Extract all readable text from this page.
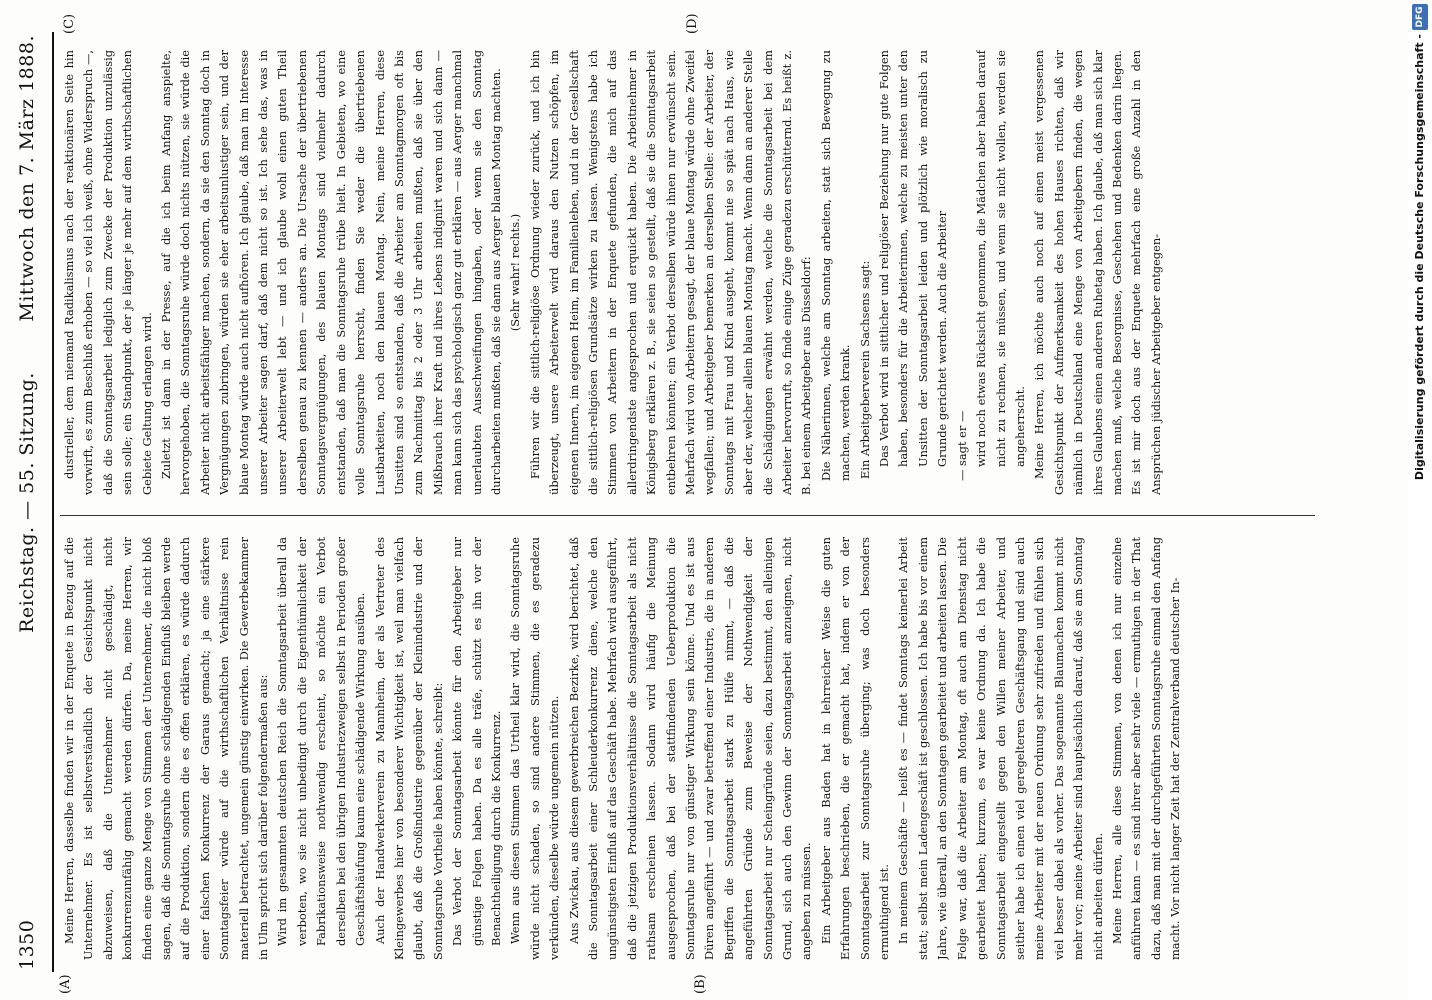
1350
Reichstag. — 55. Sitzung.
Mittwoch den 7. März 1888.
(A)	(B)
(C)	(D)

Meine Herren, dasselbe finden wir in der Enquete in Bezug auf die Unternehmer. Es ist selbstverständlich der Gesichtspunkt nicht abzuweisen, daß die Unternehmer nicht geschädigt, nicht konkurrenzunfähig gemacht werden dürfen. Da, meine Herren, wir finden eine ganze Menge von Stimmen der Unternehmer, die nicht bloß sagen, daß die Sonntagsruhe ohne schädigenden Einfluß bleiben werde auf die Produktion, sondern die es offen erklären, es würde dadurch einer falschen Konkurrenz der Garaus gemacht; ja eine stärkere Sonntagsfeier würde auf die wirthschaftlichen Verhältnisse rein materiell betrachtet, ungemein günstig einwirken. Die Gewerbekammer in Ulm spricht sich darüber folgendermaßen aus: Wird im gesammten deutschen Reich die Sonntagsarbeit überall da verboten, wo sie nicht unbedingt durch die Eigenthümlichkeit der Fabrikationsweise nothwendig erscheint, so möchte ein Verbot derselben bei den übrigen Industriezweigen selbst in Perioden großer Geschäftshäufung kaum eine schädigende Wirkung ausüben. Auch der Handwerkerverein zu Mannheim, der als Vertreter des Kleingewerbes hier von besonderer Wichtigkeit ist, weil man vielfach glaubt, daß die Großindustrie gegenüber der Kleinindustrie und der Sonntagsruhe Vortheile haben könnte, schreibt: Das Verbot der Sonntagsarbeit könnte für den Arbeitgeber nur günstige Folgen haben. Da es alle träfe, schützt es ihn vor der Benachtheiligung durch die Konkurrenz. Wenn aus diesen Stimmen das Urtheil klar wird, die Sonntagsruhe würde nicht schaden, so sind andere Stimmen, die es geradezu verkünden, dieselbe würde ungemein nützen. Aus Zwickau, aus diesem gewerbreichen Bezirke, wird berichtet, daß die Sonntagsarbeit einer Schleuderkonkurrenz diene, welche den ungünstigsten Einfluß auf das Geschäft habe. Mehrfach wird ausgeführt, daß die jetzigen Produktionsverhältnisse die Sonntagsarbeit als nicht rathsam erscheinen lassen. Sodann wird häufig die Meinung ausgesprochen, daß bei der stattfindenden Ueberproduktion die Sonntagsruhe nur von günstiger Wirkung sein könne. Und es ist aus Düren angeführt — und zwar betreffend einer Industrie, die in anderen Begriffen die Sonntagsarbeit stark zu Hülfe nimmt, — daß die angeführten Gründe zum Beweise der Nothwendigkeit der Sonntagsarbeit nur Scheingründe seien, dazu bestimmt, den alleinigen Grund, sich auch den Gewinn der Sonntagsarbeit anzueignen, nicht angeben zu müssen. Ein Arbeitgeber aus Baden hat in lehrreicher Weise die guten Erfahrungen beschrieben, die er gemacht hat, indem er von der Sonntagsarbeit zur Sonntagsruhe überging; was doch besonders ermuthigend ist. In meinem Geschäfte — heißt es — findet Sonntags keinerlei Arbeit statt; selbst mein Ladengeschäft ist geschlossen. Ich habe bis vor einem Jahre, wie überall, an den Sonntagen gearbeitet und arbeiten lassen. Die Folge war, daß die Arbeiter am Montag, oft auch am Dienstag nicht gearbeitet haben; kurzum, es war keine Ordnung da. Ich habe die Sonntagsarbeit eingestellt gegen den Willen meiner Arbeiter, und seither habe ich einen viel geregelteren Geschäftsgang und sind auch meine Arbeiter mit der neuen Ordnung sehr zufrieden und fühlen sich viel besser dabei als vorher. Das sogenannte Blaumachen kommt nicht mehr vor; meine Arbeiter sind hauptsächlich darauf, daß sie am Sonntag nicht arbeiten dürfen. Meine Herren, alle diese Stimmen, von denen ich nur einzelne anführen kann — es sind ihrer aber sehr viele — ermuthigen in der That dazu, daß man mit der durchgeführten Sonntagsruhe einmal den Anfang macht. Vor nicht langer Zeit hat der Zentralverband deutscher In-

dustrieller, dem niemand Radikalismus nach der reaktionären Seite hin vorwirft, es zum Beschluß erhoben — so viel ich weiß, ohne Widerspruch —, daß die Sonntagsarbeit lediglich zum Zwecke der Produktion unzulässig sein solle; ein Standpunkt, der je länger je mehr auf dem wirthschaftlichen Gebiete Geltung erlangen wird. Zuletzt ist dann in der Presse, auf die ich beim Anfang anspielte, hervorgehoben, die Sonntagsruhe würde doch nichts nützen, sie würde die Arbeiter nicht arbeitsfähiger machen, sondern, da sie den Sonntag doch in Vergnügungen zubringen, würden sie eher arbeitsunlustiger sein, und der blaue Montag würde auch nicht aufhören. Ich glaube, daß man im Interesse unserer Arbeiter sagen darf, daß dem nicht so ist. Ich sehe das, was in unserer Arbeiterwelt lebt — und ich glaube wohl einen guten Theil derselben genau zu kennen — anders an. Die Ursache der übertriebenen Sonntagsvergnügungen, des blauen Montags sind vielmehr dadurch entstanden, daß man die Sonntagsruhe trübe hielt. In Gebieten, wo eine volle Sonntagsruhe herrscht, finden Sie weder die übertriebenen Lustbarkeiten, noch den blauen Montag. Nein, meine Herren, diese Unsitten sind so entstanden, daß die Arbeiter am Sonntagmorgen oft bis zum Nachmittag bis 2 oder 3 Uhr arbeiten mußten, daß sie über den Mißbrauch ihrer Kraft und ihres Lebens indignirt waren und sich dann — man kann sich das psychologisch ganz gut erklären — aus Aerger manchmal unerlaubten Ausschweifungen hingaben, oder wenn sie den Sonntag durcharbeiten mußten, daß sie dann aus Aerger blauen Montag machten. (Sehr wahr! rechts.) Führen wir die sittlich-religiöse Ordnung wieder zurück, und ich bin überzeugt, unsere Arbeiterwelt wird daraus den Nutzen schöpfen, im eigenen Innern, im eigenen Heim, im Familienleben, und in der Gesellschaft die sittlich-religiösen Grundsätze wirken zu lassen. Wenigstens habe ich Stimmen von Arbeitern in der Enquete gefunden, die mich auf das allerdringendste angesprochen und erquickt haben. Die Arbeitnehmer in Königsberg erklären z. B., sie seien so gestellt, daß sie die Sonntagsarbeit entbehren könnten; ein Verbot derselben würde ihnen nur erwünscht sein. Mehrfach wird von Arbeitern gesagt, der blaue Montag würde ohne Zweifel wegfallen; und Arbeitgeber bemerken an derselben Stelle: der Arbeiter, der Sonntags mit Frau und Kind ausgeht, kommt nie so spät nach Haus, wie aber der, welcher allein blauen Montag macht. Wenn dann an anderer Stelle die Schädigungen erwähnt werden, welche die Sonntagsarbeit bei dem Arbeiter hervorruft, so finde einige Züge geradezu erschütternd. Es heißt z. B. bei einem Arbeitgeber aus Düsseldorf: Die Näherinnen, welche am Sonntag arbeiten, statt sich Bewegung zu machen, werden krank. Ein Arbeitgeberverein Sachsens sagt: Das Verbot wird in sittlicher und religiöser Beziehung nur gute Folgen haben, besonders für die Arbeiterinnen, welche zu meisten unter den Unsitten der Sonntagsarbeit leiden und plötzlich wie moralisch zu Grunde gerichtet werden. Auch die Arbeiter — sagt er — wird noch etwas Rücksicht genommen, die Mädchen aber haben darauf nicht zu rechnen, sie müssen, und wenn sie nicht wollen, werden sie angeherrscht. Meine Herren, ich möchte auch noch auf einen meist vergessenen Gesichtspunkt der Aufmerksamkeit des hohen Hauses richten, daß wir nämlich in Deutschland eine Menge von Arbeitgebern finden, die wegen ihres Glaubens einen anderen Ruhetag haben. Ich glaube, daß man sich klar machen muß, welche Besorgnisse, Geschehen und Bedenken darin liegen. Es ist mir doch aus der Enquete mehrfach eine große Anzahl in den Ansprüchen jüdischer Arbeitgeber entgegen-	Digitalisierung gefördert durch die Deutsche Forschungsgemeinschaft -
DFG
